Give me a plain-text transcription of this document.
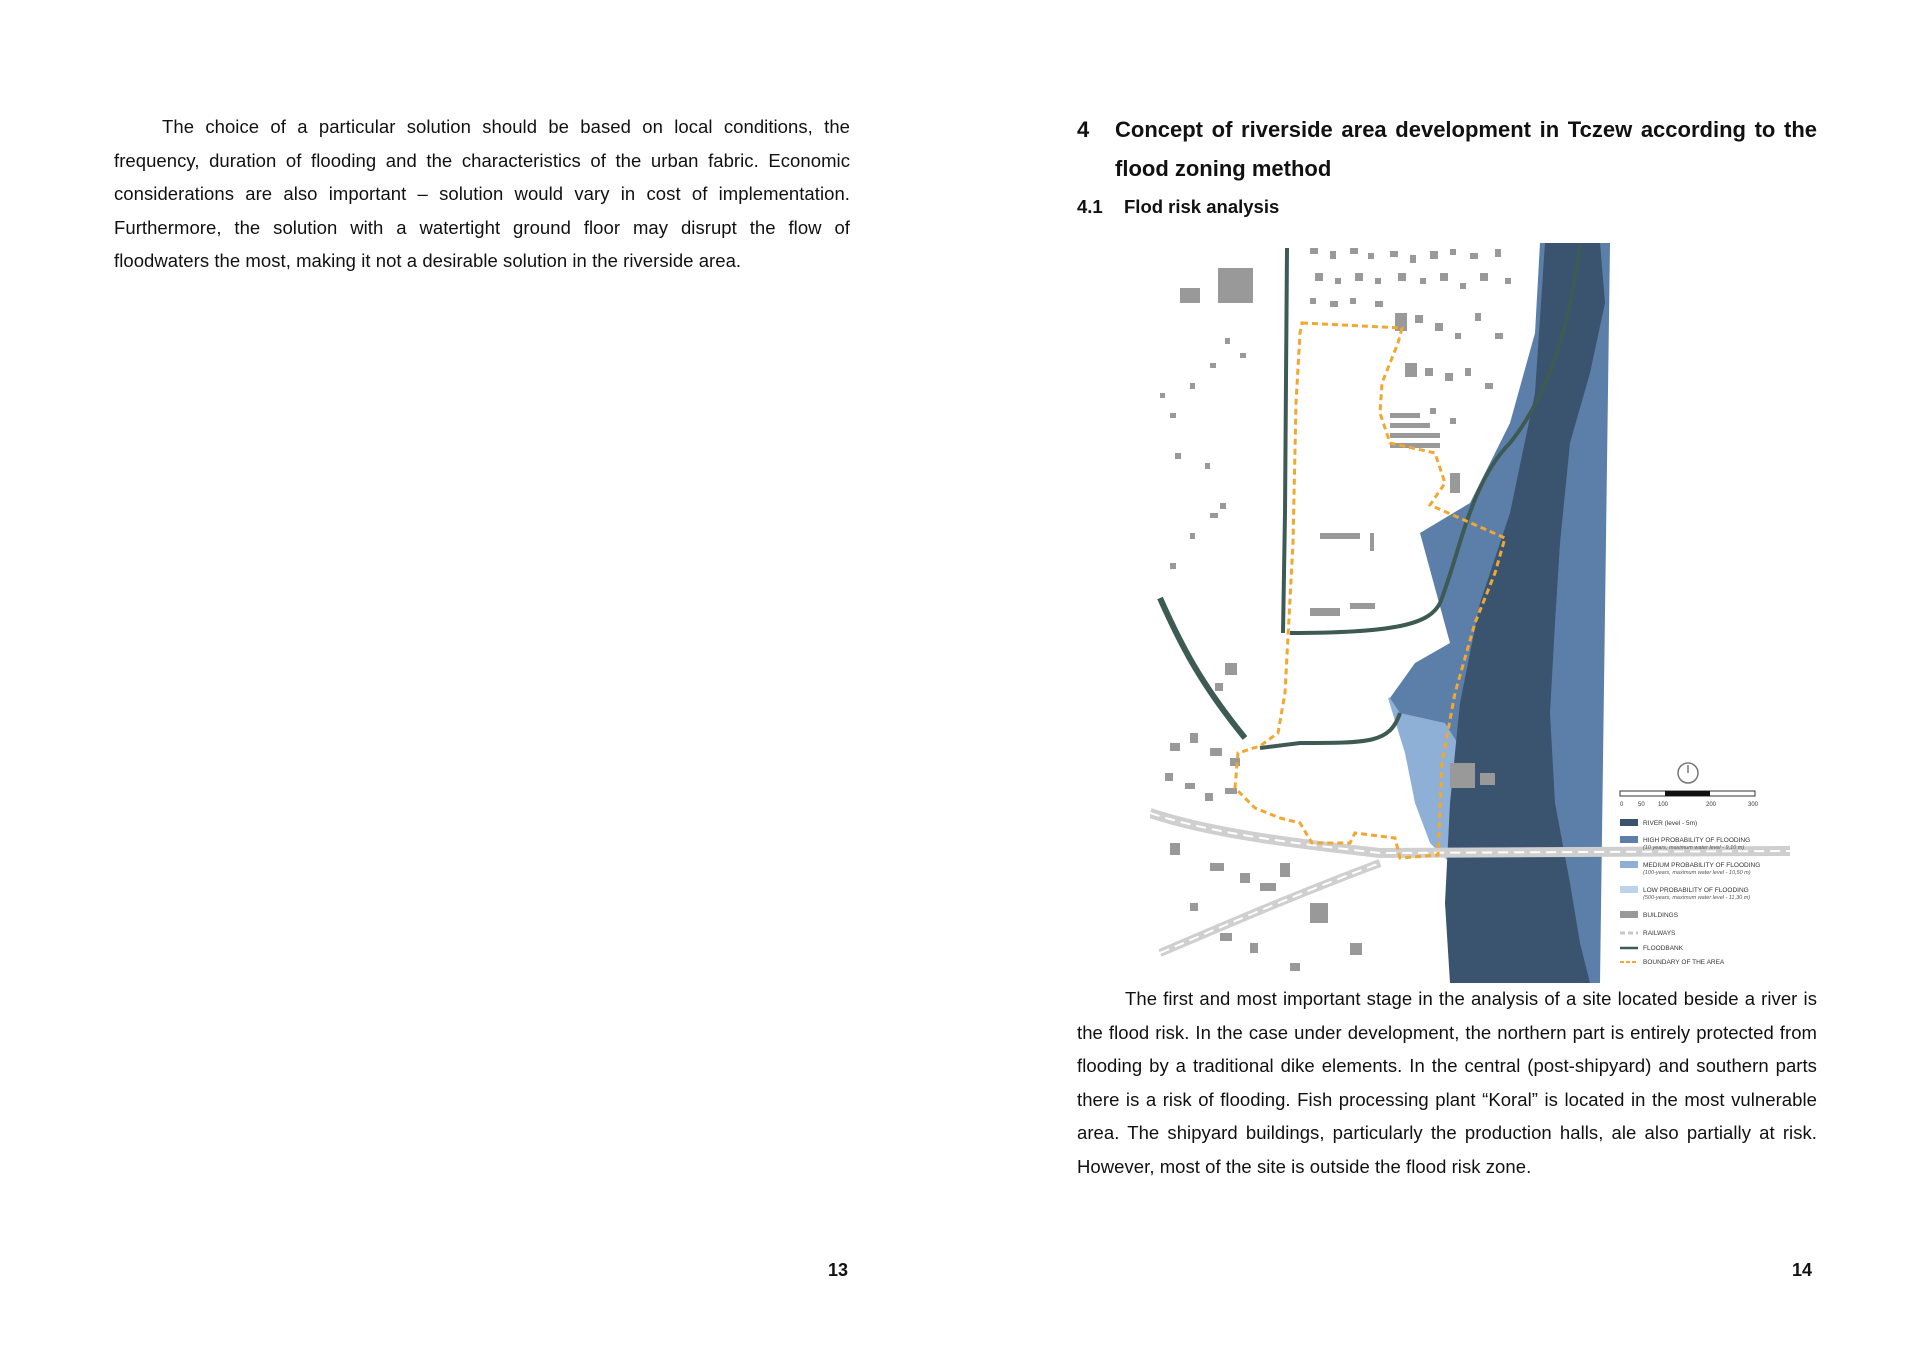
The choice of a particular solution should be based on local conditions, the frequency, duration of flooding and the characteristics of the urban fabric. Economic considerations are also important – solution would vary in cost of implementation. Furthermore, the solution with a watertight ground floor may disrupt the flow of floodwaters the most, making it not a desirable solution in the riverside area.
13
4	Concept of riverside area development in Tczew according to the flood zoning method
4.1 Flod risk analysis
0 50 100	200	300
RIVER (level - 5m)
HIGH PROBABILITY OF FLOODING
(10 years, maximum water level - 9,10 m)
MEDIUM PROBABILITY OF FLOODING
(100-years, maximum water level - 10,50 m)
LOW PROBABILITY OF FLOODING
(500-years, maximum water level - 11,30 m)
BUILDINGS
RAILWAYS
FLOODBANK
BOUNDARY OF THE AREA
The first and most important stage in the analysis of a site located beside a river is the flood risk. In the case under development, the northern part is entirely protected from flooding by a traditional dike elements. In the central (post-shipyard) and southern parts there is a risk of flooding. Fish processing plant “Koral” is located in the most vulnerable area. The shipyard buildings, particularly the production halls, ale also partially at risk. However, most of the site is outside the flood risk zone.
14
